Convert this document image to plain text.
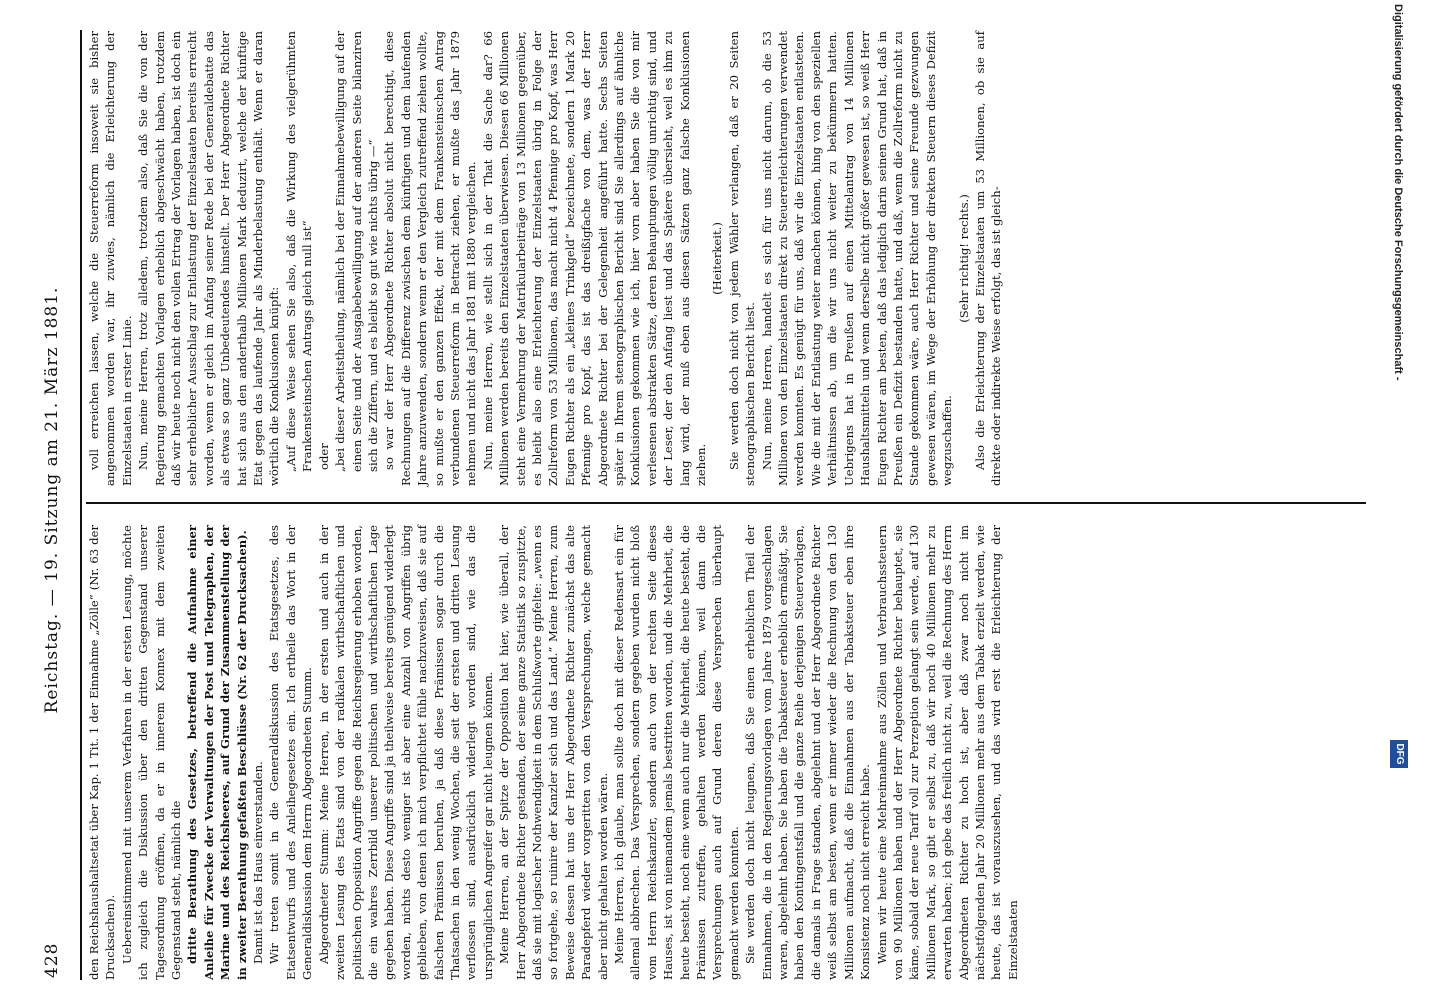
428
Reichstag. — 19. Sitzung am 21. März 1881.

den Reichshaushaltsetat über Kap. 1 Tit. 1 der Einnahme „Zölle“ (Nr. 63 der Drucksachen). Uebereinstimmend mit unserem Verfahren in der ersten Lesung, möchte ich zugleich die Diskussion über den dritten Gegenstand unserer Tagesordnung eröffnen, da er in innerem Konnex mit dem zweiten Gegenstand steht, nämlich die dritte Berathung des Gesetzes, betreffend die Aufnahme einer Anleihe für Zwecke der Verwaltungen der Post und Telegraphen, der Marine und des Reichsheeres, auf Grund der Zusammenstellung der in zweiter Berathung gefaßten Beschlüsse (Nr. 62 der Drucksachen). Damit ist das Haus einverstanden. Wir treten somit in die Generaldiskussion des Etatsgesetzes, des Etatsentwurfs und des Anleihegesetzes ein. Ich ertheile das Wort in der Generaldiskussion dem Herrn Abgeordneten Stumm. Abgeordneter Stumm: Meine Herren, in der ersten und auch in der zweiten Lesung des Etats sind von der radikalen wirthschaftlichen und politischen Opposition Angriffe gegen die Reichsregierung erhoben worden, die ein wahres Zerrbild unserer politischen und wirthschaftlichen Lage gegeben haben. Diese Angriffe sind ja theilweise bereits genügend widerlegt worden, nichts desto weniger ist aber eine Anzahl von Angriffen übrig geblieben, von denen ich mich verpflichtet fühle nachzuweisen, daß sie auf falschen Prämissen beruhen, ja daß diese Prämissen sogar durch die Thatsachen in den wenig Wochen, die seit der ersten und dritten Lesung verflossen sind, ausdrücklich widerlegt worden sind, wie das die ursprünglichen Angreifer gar nicht leugnen können. Meine Herren, an der Spitze der Opposition hat hier, wie überall, der Herr Abgeordnete Richter gestanden, der seine ganze Statistik so zuspitzte, daß sie mit logischer Nothwendigkeit in dem Schlußworte gipfelte: „wenn es so fortgehe, so ruinire der Kanzler sich und das Land.“ Meine Herren, zum Beweise dessen hat uns der Herr Abgeordnete Richter zunächst das alte Paradepferd wieder vorgeritten von den Versprechungen, welche gemacht aber nicht gehalten worden wären. Meine Herren, ich glaube, man sollte doch mit dieser Redensart ein für allemal abbrechen. Das Versprechen, sondern gegeben wurden nicht bloß vom Herrn Reichskanzler, sondern auch von der rechten Seite dieses Hauses, ist von niemandem jemals bestritten worden, und die Mehrheit, die heute besteht, noch eine wenn auch nur die Mehrheit, die heute besteht, die Prämissen zutreffen, gehalten werden können, weil dann die Versprechungen auch auf Grund deren diese Versprechen überhaupt gemacht werden konnten. Sie werden doch nicht leugnen, daß Sie einen erheblichen Theil der Einnahmen, die in den Regierungsvorlagen vom Jahre 1879 vorgeschlagen waren, abgelehnt haben. Sie haben die Tabaksteuer erheblich ermäßigt, Sie haben den Kontingentsfall und die ganze Reihe derjenigen Steuervorlagen, die damals in Frage standen, abgelehnt und der Herr Abgeordnete Richter weiß selbst am besten, wenn er immer wieder die Rechnung von den 130 Millionen aufmacht, daß die Einnahmen aus der Tabaksteuer eben ihre Konsistenz noch nicht erreicht habe. Wenn wir heute eine Mehreinnahme aus Zöllen und Verbrauchssteuern von 90 Millionen haben und der Herr Abgeordnete Richter behauptet, sie käme, sobald der neue Tarif voll zur Perzeption gelangt sein werde, auf 130 Millionen Mark, so gibt er selbst zu, daß wir noch 40 Millionen mehr zu erwarten haben; ich gebe das freilich nicht zu, weil die Rechnung des Herrn Abgeordneten Richter zu hoch ist, aber daß zwar noch nicht im nächstfolgenden Jahr 20 Millionen mehr aus dem Tabak erzielt werden, wie heute, das ist vorauszusehen, und das wird erst die Erleichterung der Einzelstaaten

voll erreichen lassen, welche die Steuerreform insoweit sie bisher angenommen worden war, ihr zuwies, nämlich die Erleichterung der Einzelstaaten in erster Linie. Nun, meine Herren, trotz alledem, trotzdem also, daß Sie die von der Regierung gemachten Vorlagen erheblich abgeschwächt haben, trotzdem daß wir heute noch nicht den vollen Ertrag der Vorlagen haben, ist doch ein sehr erheblicher Ausschlag zur Entlastung der Einzelstaaten bereits erreicht worden, wenn er gleich im Anfang seiner Rede bei der Generaldebatte das als etwas so ganz Unbedeutendes hinstellt. Der Herr Abgeordnete Richter hat sich aus den anderthalb Millionen Mark deduzirt, welche der künftige Etat gegen das laufende Jahr als Minderbelastung enthält. Wenn er daran wörtlich die Konklusionen knüpft: „Auf diese Weise sehen Sie also, daß die Wirkung des vielgerühmten Frankensteinschen Antrags gleich null ist“ oder „bei dieser Arbeitstheilung, nämlich bei der Einnahmebewilligung auf der einen Seite und der Ausgabebewilligung auf der anderen Seite bilanziren sich die Ziffern, und es bleibt so gut wie nichts übrig —“ so war der Herr Abgeordnete Richter absolut nicht berechtigt, diese Rechnungen auf die Differenz zwischen dem künftigen und dem laufenden Jahre anzuwenden, sondern wenn er den Vergleich zutreffend ziehen wollte, so mußte er den ganzen Effekt, der mit dem Frankensteinschen Antrag verbundenen Steuerreform in Betracht ziehen, er mußte das Jahr 1879 nehmen und nicht das Jahr 1881 mit 1880 vergleichen. Nun, meine Herren, wie stellt sich in der That die Sache dar? 66 Millionen werden bereits den Einzelstaaten überwiesen. Diesen 66 Millionen steht eine Vermehrung der Matrikularbeiträge von 13 Millionen gegenüber, es bleibt also eine Erleichterung der Einzelstaaten übrig in Folge der Zollreform von 53 Millionen, das macht nicht 4 Pfennige pro Kopf, was Herr Eugen Richter als ein „kleines Trinkgeld“ bezeichnete, sondern 1 Mark 20 Pfennige pro Kopf, das ist das dreißigfache von dem, was der Herr Abgeordnete Richter bei der Gelegenheit angeführt hatte. Sechs Seiten später in Ihrem stenographischen Bericht sind Sie allerdings auf ähnliche Konklusionen gekommen wie ich, hier vorn aber haben Sie die von mir verlesenen abstrakten Sätze, deren Behauptungen völlig unrichtig sind, und der Leser, der den Anfang liest und das Spätere übersieht, weil es ihm zu lang wird, der muß eben aus diesen Sätzen ganz falsche Konklusionen ziehen.

(Heiterkeit.) Sie werden doch nicht von jedem Wähler verlangen, daß er 20 Seiten stenographischen Bericht liest. Nun, meine Herren, handelt es sich für uns nicht darum, ob die 53 Millionen von den Einzelstaaten direkt zu Steuererleichterungen verwendet werden konnten. Es genügt für uns, daß wir die Einzelstaaten entlasteten. Wie die mit der Entlastung weiter machen können, hing von den speziellen Verhältnissen ab, um die wir uns nicht weiter zu bekümmern hatten. Uebrigens hat in Preußen auf einen Mittelantrag von 14 Millionen Haushaltsmitteln und wenn derselbe nicht größer gewesen ist, so weiß Herr Eugen Richter am besten, daß das lediglich darin seinen Grund hat, daß in Preußen ein Defizit bestanden hatte, und daß, wenn die Zollreform nicht zu Stande gekommen wäre, auch Herr Richter und seine Freunde gezwungen gewesen wären, im Wege der Erhöhung der direkten Steuern dieses Defizit wegzuschaffen.

(Sehr richtig! rechts.) Also die Erleichterung der Einzelstaaten um 53 Millionen, ob sie auf direkte oder indirekte Weise erfolgt, das ist gleich-	Digitalisierung gefördert durch die Deutsche Forschungsgemeinschaft -
DFG
